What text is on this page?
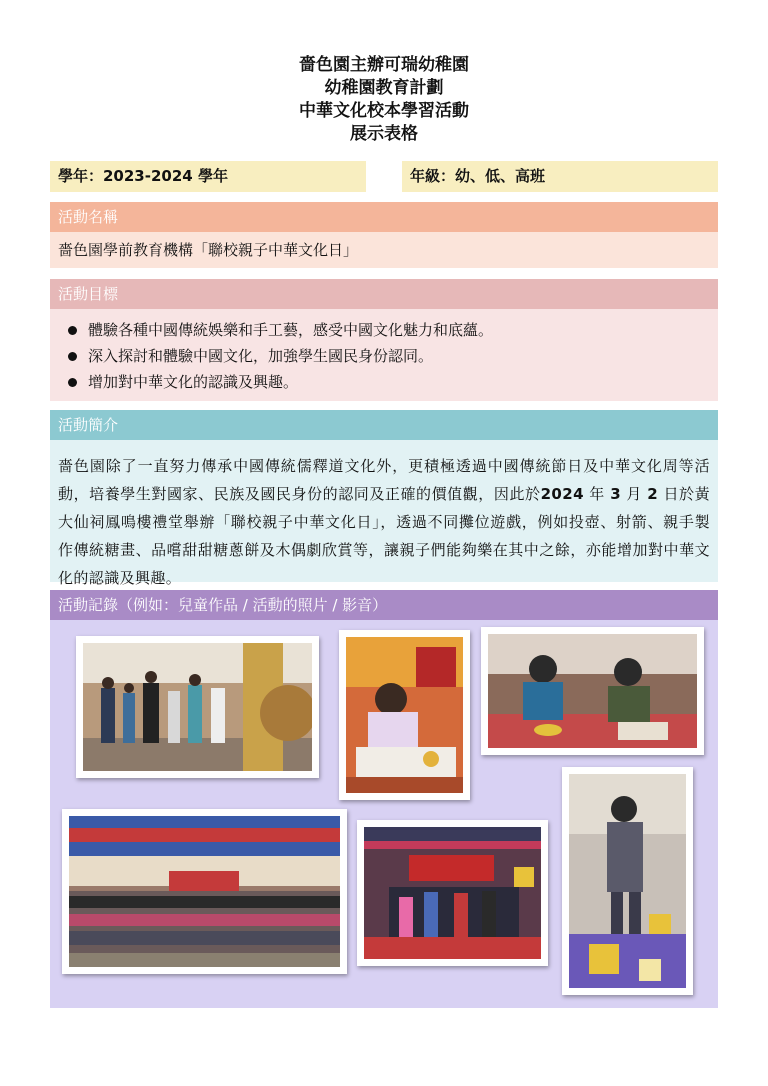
嗇色園主辦可瑞幼稚園
幼稚園教育計劃
中華文化校本學習活動
展示表格
學年：2023-2024 學年	年級：幼、低、高班
活動名稱
嗇色園學前教育機構「聯校親子中華文化日」
活動目標
體驗各種中國傳統娛樂和手工藝，感受中國文化魅力和底蘊。
深入探討和體驗中國文化，加強學生國民身份認同。
增加對中華文化的認識及興趣。
活動簡介
嗇色園除了一直努力傳承中國傳統儒釋道文化外，更積極透過中國傳統節日及中華文化周等活動，培養學生對國家、民族及國民身份的認同及正確的價值觀，因此於2024 年 3 月 2 日於黃大仙祠鳳鳴樓禮堂舉辦「聯校親子中華文化日」，透過不同攤位遊戲，例如投壺、射箭、親手製作傳統糖畫、品嚐甜甜糖蔥餅及木偶劇欣賞等，讓親子們能夠樂在其中之餘，亦能增加對中華文化的認識及興趣。
活動記錄（例如：兒童作品 / 活動的照片 / 影音）
